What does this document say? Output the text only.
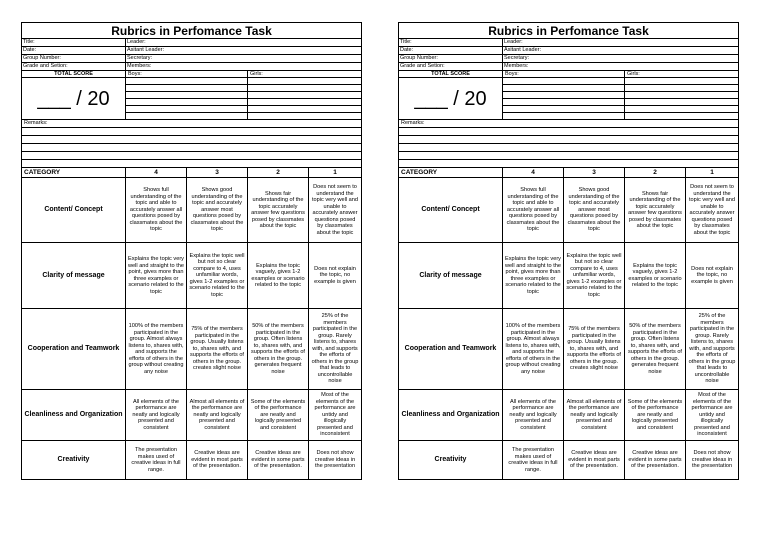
Rubrics in Perfomance Task				
Title:	Leader:			
Date:	Asitant Leader:			
Group Number:	Secretary:			
Grade and Setion:	Members:			
TOTAL SCORE	Boys:		Girls:	
___ / 20				

Remarks:				

CATEGORY	4	3	2	1
Content/ Concept	Shows full understanding of the topic and able to accurately answer all questions posed by classmates about the topic	Shows good understanding of the topic and accurately answer most questions posed by classmates about the topic	Shows fair understanding of the topic accurately answer few questions posed by classmates about the topic	Does not seem to understand the topic very well and unable to accurately answer questions posed by classmates about the topic
Clarity of message	Explains the topic very well and straight to the point, gives more than three examples or scenario related to the topic	Explains the topic well but not so clear compare to 4, uses unfamiliar words, gives 1-2 examples or scenario related to the topic	Explains the topic vaguely, gives 1-2 examples or scenario related to the topic	Does not explain the topic, no example is given
Cooperation and Teamwork	100% of the members participated in the group. Almost always listens to, shares with, and supports the efforts of others in the group without creating any noise	75% of the members participated in the group. Usually listens to, shares with, and supports the efforts of others in the group. creates slight noise	50% of the members participated in the group. Often listens to, shares with, and supports the efforts of others in the group. generates frequent noise	25% of the members participated in the group. Rarely listens to, shares with, and supports the efforts of others in the group that leads to uncontrollable noise
Cleanliness and Organization	All elements of the performance are neatly and logically presented and consistent	Almost all elements of the performance are neatly and logically presented and consistent	Some of the elements of the performance are neatly and logically presented and consistent	Most of the elements of the performance are untidy and illogically presented and inconsistent
Creativity	The presentation makes used of creative ideas in full range.	Creative ideas are evident in most parts of the presentation.	Creative ideas are evident in some parts of the presentation.	Does not show creative ideas in the presentation
Rubrics in Perfomance Task				
Title:	Leader:			
Date:	Asitant Leader:			
Group Number:	Secretary:			
Grade and Setion:	Members:			
TOTAL SCORE	Boys:		Girls:	
___ / 20				

Remarks:				

CATEGORY	4	3	2	1
Content/ Concept	Shows full understanding of the topic and able to accurately answer all questions posed by classmates about the topic	Shows good understanding of the topic and accurately answer most questions posed by classmates about the topic	Shows fair understanding of the topic accurately answer few questions posed by classmates about the topic	Does not seem to understand the topic very well and unable to accurately answer questions posed by classmates about the topic
Clarity of message	Explains the topic very well and straight to the point, gives more than three examples or scenario related to the topic	Explains the topic well but not so clear compare to 4, uses unfamiliar words, gives 1-2 examples or scenario related to the topic	Explains the topic vaguely, gives 1-2 examples or scenario related to the topic	Does not explain the topic, no example is given
Cooperation and Teamwork	100% of the members participated in the group. Almost always listens to, shares with, and supports the efforts of others in the group without creating any noise	75% of the members participated in the group. Usually listens to, shares with, and supports the efforts of others in the group. creates slight noise	50% of the members participated in the group. Often listens to, shares with, and supports the efforts of others in the group. generates frequent noise	25% of the members participated in the group. Rarely listens to, shares with, and supports the efforts of others in the group that leads to uncontrollable noise
Cleanliness and Organization	All elements of the performance are neatly and logically presented and consistent	Almost all elements of the performance are neatly and logically presented and consistent	Some of the elements of the performance are neatly and logically presented and consistent	Most of the elements of the performance are untidy and illogically presented and inconsistent
Creativity	The presentation makes used of creative ideas in full range.	Creative ideas are evident in most parts of the presentation.	Creative ideas are evident in some parts of the presentation.	Does not show creative ideas in the presentation
